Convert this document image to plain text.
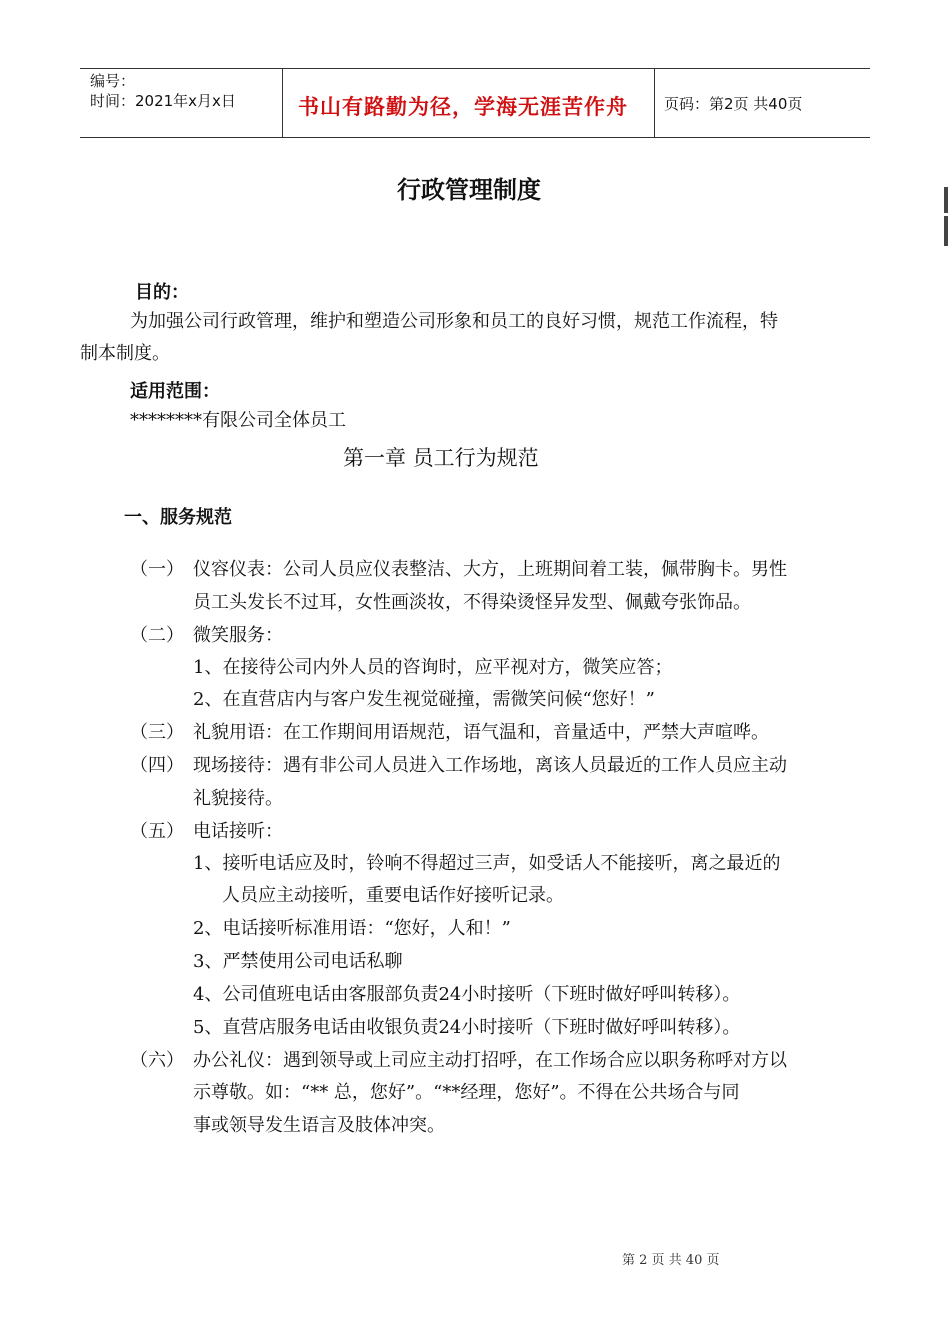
编号：
时间：2021年x月x日	书山有路勤为径，学海无涯苦作舟 页码：第2页 共40页
行政管理制度
目的：
为加强公司行政管理，维护和塑造公司形象和员工的良好习惯，规范工作流程，特
制本制度。
适用范围：
********有限公司全体员工
第一章 员工行为规范
一、服务规范
（一） 仪容仪表：公司人员应仪表整洁、大方，上班期间着工装，佩带胸卡。男性
员工头发长不过耳，女性画淡妆，不得染烫怪异发型、佩戴夸张饰品。
（二） 微笑服务：
1、在接待公司内外人员的咨询时，应平视对方，微笑应答；
2、在直营店内与客户发生视觉碰撞，需微笑问候“您好！”
（三） 礼貌用语：在工作期间用语规范，语气温和，音量适中，严禁大声喧哗。
（四） 现场接待：遇有非公司人员进入工作场地，离该人员最近的工作人员应主动
礼貌接待。
（五） 电话接听：
1、接听电话应及时，铃响不得超过三声，如受话人不能接听，离之最近的
人员应主动接听，重要电话作好接听记录。
2、电话接听标准用语：“您好，人和！”
3、严禁使用公司电话私聊
4、公司值班电话由客服部负责24小时接听（下班时做好呼叫转移）。
5、直营店服务电话由收银负责24小时接听（下班时做好呼叫转移）。
（六） 办公礼仪：遇到领导或上司应主动打招呼，在工作场合应以职务称呼对方以
示尊敬。如：“** 总，您好”。“**经理，您好”。不得在公共场合与同
事或领导发生语言及肢体冲突。
第 2 页 共 40 页
